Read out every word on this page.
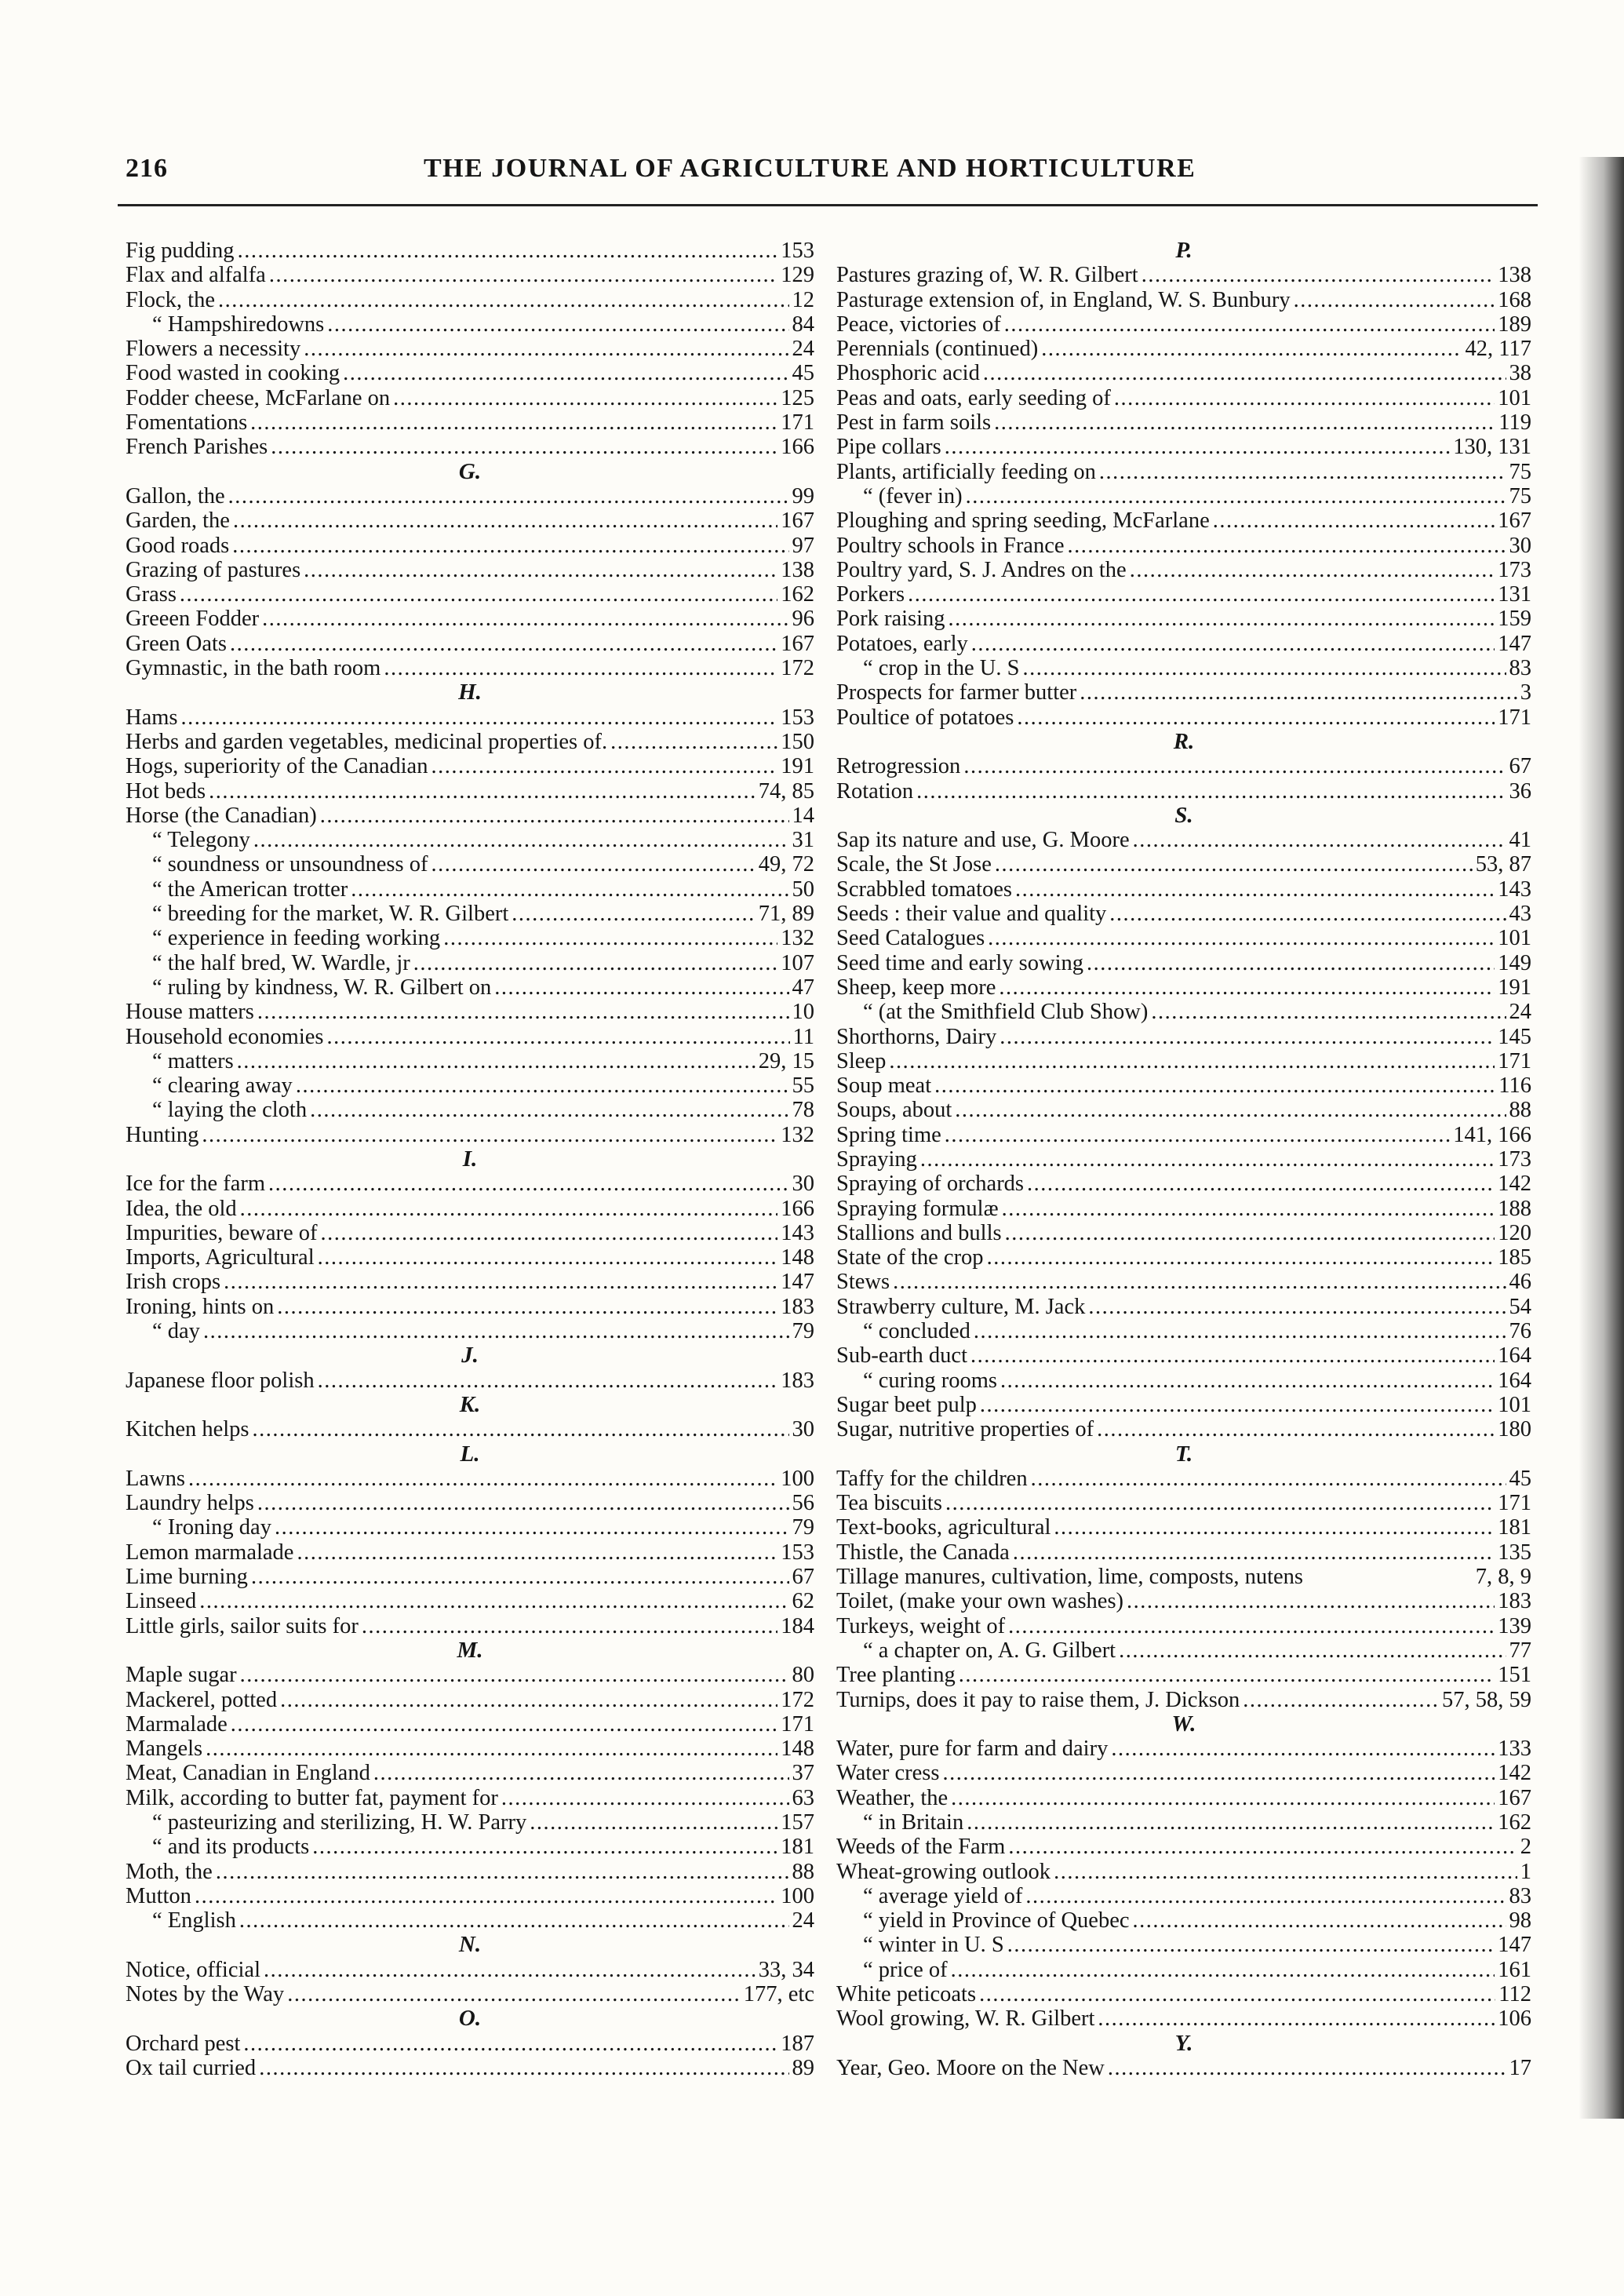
216	THE JOURNAL OF AGRICULTURE AND HORTICULTURE
Fig pudding .....	153
Flax and alfalfa .....	129
Flock, the .....	12
“ Hampshiredowns .....	84
Flowers a necessity .....	24
Food wasted in cooking .....	45
Fodder cheese, McFarlane on .....	125
Fomentations .....	171
French Parishes .....	166
G.
Gallon, the .....	99
Garden, the .....	167
Good roads .....	97
Grazing of pastures .....	138
Grass .....	162
Greeen Fodder .....	96
Green Oats .....	167
Gymnastic, in the bath room .....	172
H.
Hams .....	153
Herbs and garden vegetables, medicinal properties of. .....	150
Hogs, superiority of the Canadian .....	191
Hot beds .....	74, 85
Horse (the Canadian) .....	14
“ Telegony .....	31
“ soundness or unsoundness of .....	49, 72
“ the American trotter .....	50
“ breeding for the market, W. R. Gilbert .....	71, 89
“ experience in feeding working .....	132
“ the half bred, W. Wardle, jr .....	107
“ ruling by kindness, W. R. Gilbert on .....	47
House matters .....	10
Household economies .....	11
“ matters .....	29, 15
“ clearing away .....	55
“ laying the cloth .....	78
Hunting .....	132
I.
Ice for the farm .....	30
Idea, the old .....	166
Impurities, beware of .....	143
Imports, Agricultural .....	148
Irish crops .....	147
Ironing, hints on .....	183
“ day .....	79
J.
Japanese floor polish .....	183
K.
Kitchen helps .....	30
L.
Lawns .....	100
Laundry helps .....	56
“ Ironing day .....	79
Lemon marmalade .....	153
Lime burning .....	67
Linseed .....	62
Little girls, sailor suits for .....	184
M.
Maple sugar .....	80
Mackerel, potted .....	172
Marmalade .....	171
Mangels .....	148
Meat, Canadian in England .....	37
Milk, according to butter fat, payment for .....	63
“ pasteurizing and sterilizing, H. W. Parry .....	157
“ and its products .....	181
Moth, the .....	88
Mutton .....	100
“ English .....	24
N.
Notice, official .....	33, 34
Notes by the Way .....	177, etc
O.
Orchard pest .....	187
Ox tail curried .....	89
P.
Pastures grazing of, W. R. Gilbert .....	138
Pasturage extension of, in England, W. S. Bunbury .....	168
Peace, victories of .....	189
Perennials (continued) .....	42, 117
Phosphoric acid .....	38
Peas and oats, early seeding of .....	101
Pest in farm soils .....	119
Pipe collars .....	130, 131
Plants, artificially feeding on .....	75
“ (fever in) .....	75
Ploughing and spring seeding, McFarlane .....	167
Poultry schools in France .....	30
Poultry yard, S. J. Andres on the .....	173
Porkers .....	131
Pork raising .....	159
Potatoes, early .....	147
“ crop in the U. S .....	83
Prospects for farmer butter .....	3
Poultice of potatoes .....	171
R.
Retrogression .....	67
Rotation .....	36
S.
Sap its nature and use, G. Moore .....	41
Scale, the St Jose .....	53, 87
Scrabbled tomatoes .....	143
Seeds : their value and quality .....	43
Seed Catalogues .....	101
Seed time and early sowing .....	149
Sheep, keep more .....	191
“ (at the Smithfield Club Show) .....	24
Shorthorns, Dairy .....	145
Sleep .....	171
Soup meat .....	116
Soups, about .....	88
Spring time .....	141, 166
Spraying .....	173
Spraying of orchards .....	142
Spraying formulæ .....	188
Stallions and bulls .....	120
State of the crop .....	185
Stews .....	46
Strawberry culture, M. Jack .....	54
“ concluded .....	76
Sub-earth duct .....	164
“ curing rooms .....	164
Sugar beet pulp .....	101
Sugar, nutritive properties of .....	180
T.
Taffy for the children .....	45
Tea biscuits .....	171
Text-books, agricultural .....	181
Thistle, the Canada .....	135
Tillage manures, cultivation, lime, composts, nutens	7, 8, 9
Toilet, (make your own washes) .....	183
Turkeys, weight of .....	139
“ a chapter on, A. G. Gilbert .....	77
Tree planting .....	151
Turnips, does it pay to raise them, J. Dickson .....	57, 58, 59
W.
Water, pure for farm and dairy .....	133
Water cress .....	142
Weather, the .....	167
“ in Britain .....	162
Weeds of the Farm .....	2
Wheat-growing outlook .....	1
“ average yield of .....	83
“ yield in Province of Quebec .....	98
“ winter in U. S .....	147
“ price of .....	161
White peticoats .....	112
Wool growing, W. R. Gilbert .....	106
Y.
Year, Geo. Moore on the New .....	17
